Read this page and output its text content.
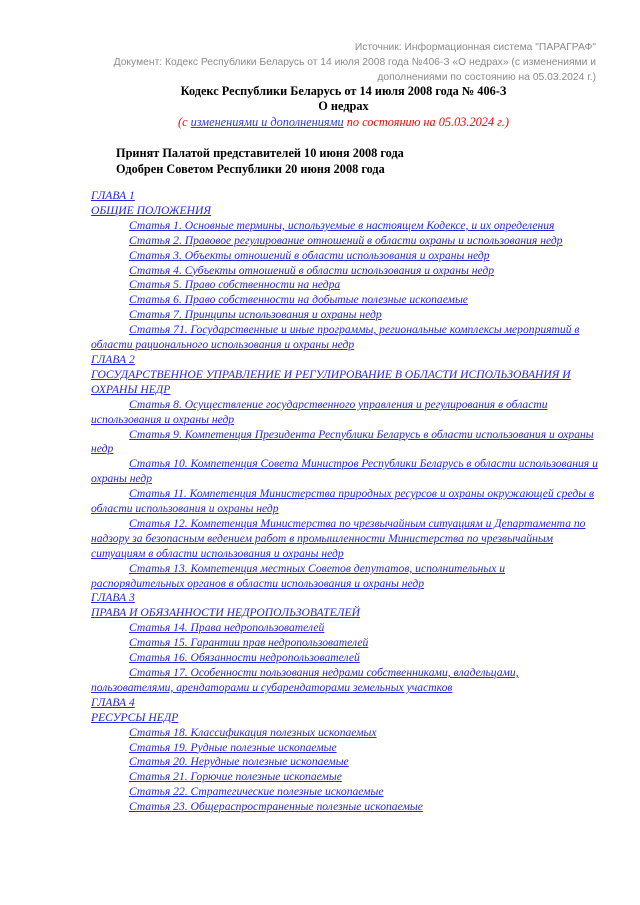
Источник: Информационная система "ПАРАГРАФ"
Документ: Кодекс Республики Беларусь от 14 июля 2008 года №406-З «О недрах» (с изменениями и дополнениями по состоянию на 05.03.2024 г.)
Кодекс Республики Беларусь от 14 июля 2008 года № 406-З
О недрах
(с изменениями и дополнениями по состоянию на 05.03.2024 г.)
Принят Палатой представителей 10 июня 2008 года
Одобрен Советом Республики 20 июня 2008 года
ГЛАВА 1
ОБЩИЕ ПОЛОЖЕНИЯ
Статья 1. Основные термины, используемые в настоящем Кодексе, и их определения
Статья 2. Правовое регулирование отношений в области охраны и использования недр
Статья 3. Объекты отношений в области использования и охраны недр
Статья 4. Субъекты отношений в области использования и охраны недр
Статья 5. Право собственности на недра
Статья 6. Право собственности на добытые полезные ископаемые
Статья 7. Принципы использования и охраны недр
Статья 71. Государственные и иные программы, региональные комплексы мероприятий в области рационального использования и охраны недр
ГЛАВА 2
ГОСУДАРСТВЕННОЕ УПРАВЛЕНИЕ И РЕГУЛИРОВАНИЕ В ОБЛАСТИ ИСПОЛЬЗОВАНИЯ И ОХРАНЫ НЕДР
Статья 8. Осуществление государственного управления и регулирования в области использования и охраны недр
Статья 9. Компетенция Президента Республики Беларусь в области использования и охраны недр
Статья 10. Компетенция Совета Министров Республики Беларусь в области использования и охраны недр
Статья 11. Компетенция Министерства природных ресурсов и охраны окружающей среды в области использования и охраны недр
Статья 12. Компетенция Министерства по чрезвычайным ситуациям и Департамента по надзору за безопасным ведением работ в промышленности Министерства по чрезвычайным ситуациям в области использования и охраны недр
Статья 13. Компетенция местных Советов депутатов, исполнительных и распорядительных органов в области использования и охраны недр
ГЛАВА 3
ПРАВА И ОБЯЗАННОСТИ НЕДРОПОЛЬЗОВАТЕЛЕЙ
Статья 14. Права недропользователей
Статья 15. Гарантии прав недропользователей
Статья 16. Обязанности недропользователей
Статья 17. Особенности пользования недрами собственниками, владельцами, пользователями, арендаторами и субарендаторами земельных участков
ГЛАВА 4
РЕСУРСЫ НЕДР
Статья 18. Классификация полезных ископаемых
Статья 19. Рудные полезные ископаемые
Статья 20. Нерудные полезные ископаемые
Статья 21. Горючие полезные ископаемые
Статья 22. Стратегические полезные ископаемые
Статья 23. Общераспространенные полезные ископаемые
